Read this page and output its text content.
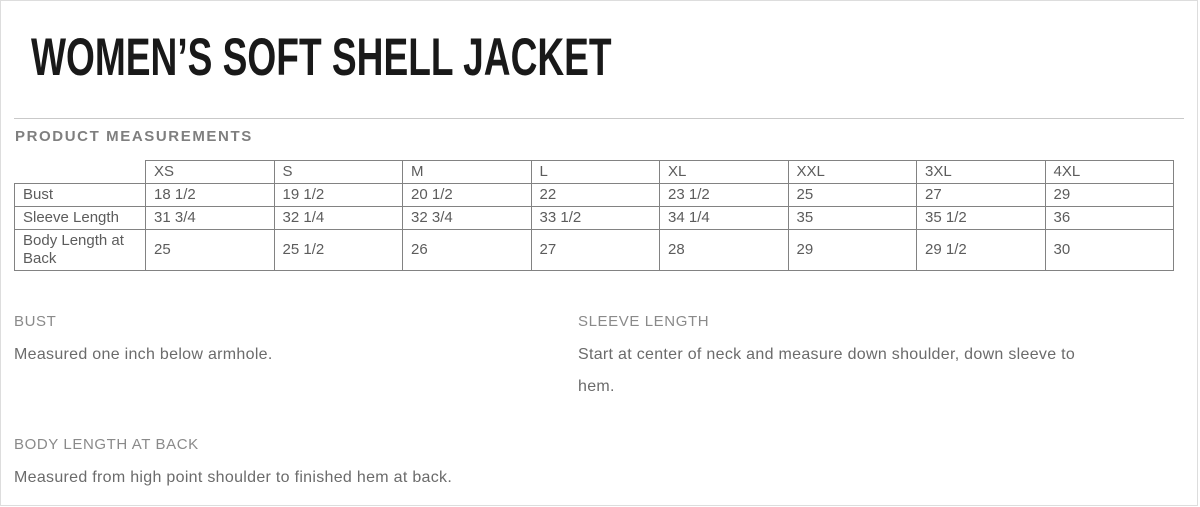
WOMEN’S SOFT SHELL JACKET
PRODUCT MEASUREMENTS
	XS	S	M	L	XL	XXL	3XL	4XL
Bust	18 1/2	19 1/2	20 1/2	22	23 1/2	25	27	29
Sleeve Length	31 3/4	32 1/4	32 3/4	33 1/2	34 1/4	35	35 1/2	36
Body Length at Back	25	25 1/2	26	27	28	29	29 1/2	30
BUST

Measured one inch below armhole.

SLEEVE LENGTH

Start at center of neck and measure down shoulder, down sleeve to hem.

BODY LENGTH AT BACK

Measured from high point shoulder to finished hem at back.
